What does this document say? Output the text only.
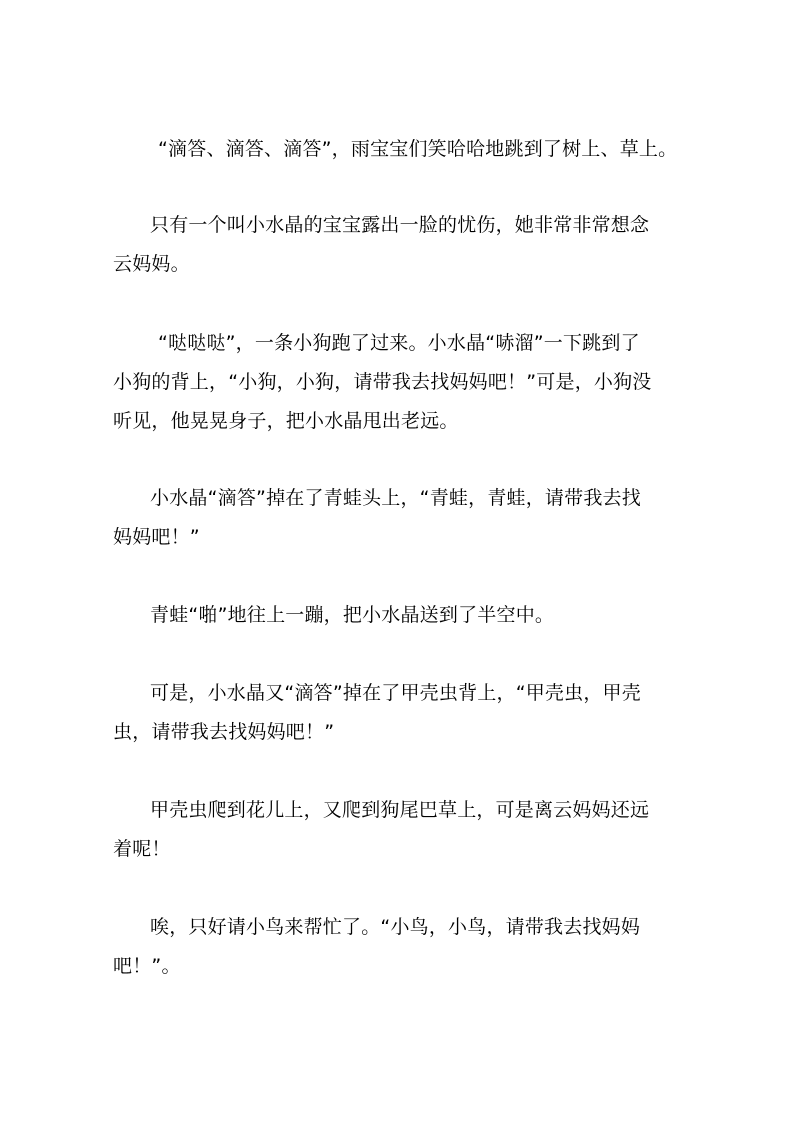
“滴答、滴答、滴答”，雨宝宝们笑哈哈地跳到了树上、草上。

只有一个叫小水晶的宝宝露出一脸的忧伤，她非常非常想念

云妈妈。

“哒哒哒”，一条小狗跑了过来。小水晶“哧溜”一下跳到了

小狗的背上，“小狗，小狗，请带我去找妈妈吧！”可是，小狗没

听见，他晃晃身子，把小水晶甩出老远。

小水晶“滴答”掉在了青蛙头上，“青蛙，青蛙，请带我去找

妈妈吧！”

青蛙“啪”地往上一蹦，把小水晶送到了半空中。

可是，小水晶又“滴答”掉在了甲壳虫背上，“甲壳虫，甲壳

虫，请带我去找妈妈吧！”

甲壳虫爬到花儿上，又爬到狗尾巴草上，可是离云妈妈还远

着呢！

唉，只好请小鸟来帮忙了。“小鸟，小鸟，请带我去找妈妈

吧！”。
